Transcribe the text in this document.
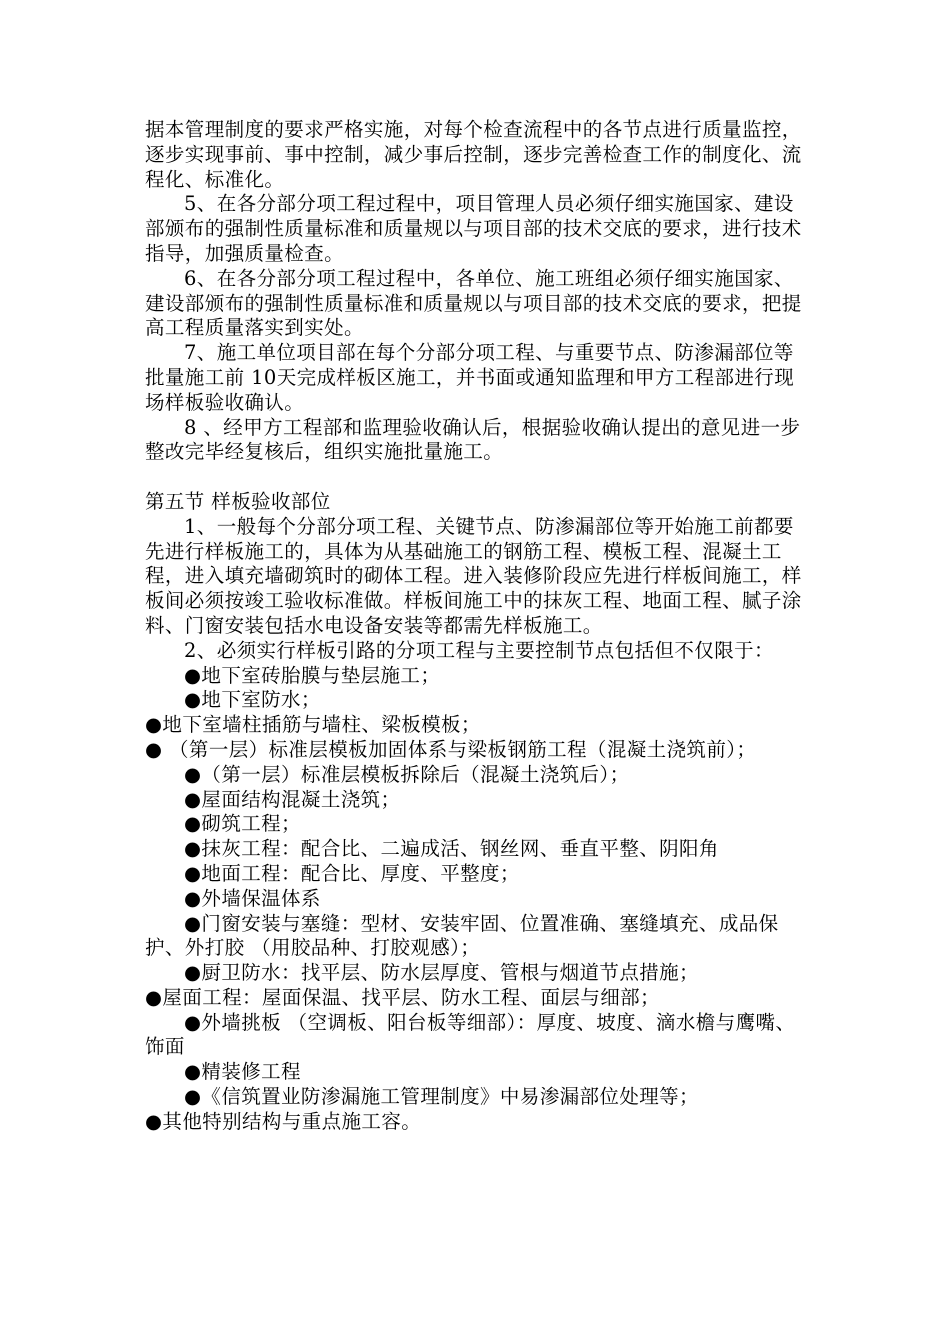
据本管理制度的要求严格实施，对每个检查流程中的各节点进行质量监控，逐步实现事前、事中控制，减少事后控制，逐步完善检查工作的制度化、流程化、标准化。

5、在各分部分项工程过程中，项目管理人员必须仔细实施国家、建设部颁布的强制性质量标准和质量规以与项目部的技术交底的要求，进行技术指导，加强质量检查。

6、在各分部分项工程过程中，各单位、施工班组必须仔细实施国家、建设部颁布的强制性质量标准和质量规以与项目部的技术交底的要求，把提高工程质量落实到实处。

7、施工单位项目部在每个分部分项工程、与重要节点、防渗漏部位等批量施工前 10天完成样板区施工，并书面或通知监理和甲方工程部进行现场样板验收确认。

8 、经甲方工程部和监理验收确认后，根据验收确认提出的意见进一步整改完毕经复核后，组织实施批量施工。

第五节 样板验收部位

1、一般每个分部分项工程、关键节点、防渗漏部位等开始施工前都要先进行样板施工的，具体为从基础施工的钢筋工程、模板工程、混凝土工程，进入填充墙砌筑时的砌体工程。进入装修阶段应先进行样板间施工，样板间必须按竣工验收标准做。样板间施工中的抹灰工程、地面工程、腻子涂料、门窗安装包括水电设备安装等都需先样板施工。

2、必须实行样板引路的分项工程与主要控制节点包括但不仅限于：

●地下室砖胎膜与垫层施工；

●地下室防水；

●地下室墙柱插筋与墙柱、梁板模板；

● （第一层）标准层模板加固体系与梁板钢筋工程（混凝土浇筑前）；

●（第一层）标准层模板拆除后（混凝土浇筑后）；

●屋面结构混凝土浇筑；

●砌筑工程；

●抹灰工程：配合比、二遍成活、钢丝网、垂直平整、阴阳角

●地面工程：配合比、厚度、平整度；

●外墙保温体系

●门窗安装与塞缝：型材、安装牢固、位置准确、塞缝填充、成品保护、外打胶 （用胶品种、打胶观感）；

●厨卫防水：找平层、防水层厚度、管根与烟道节点措施；

●屋面工程：屋面保温、找平层、防水工程、面层与细部；

●外墙挑板 （空调板、阳台板等细部）：厚度、坡度、滴水檐与鹰嘴、饰面

●精装修工程

●《信筑置业防渗漏施工管理制度》中易渗漏部位处理等；

●其他特别结构与重点施工容。
